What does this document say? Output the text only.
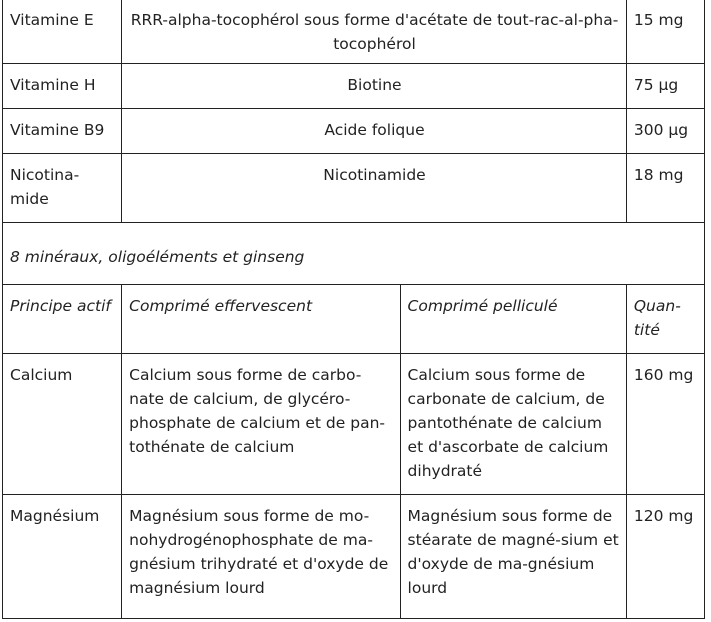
Vitamine E	RRR-alpha-tocophérol sous forme d'acétate de tout-rac-al-pha-tocophérol		15 mg
Vitamine H	Biotine		75 µg
Vitamine B9	Acide folique		300 µg
Nicotina-mide	Nicotinamide		18 mg
8 minéraux, oligoéléments et ginseng			
Principe actif	Comprimé effervescent	Comprimé pelliculé	Quan-tité
Calcium	Calcium sous forme de carbo-nate de calcium, de glycéro-phosphate de calcium et de pan-tothénate de calcium	Calcium sous forme de carbonate de calcium, de pantothénate de calcium et d'ascorbate de calcium dihydraté	160 mg
Magnésium	Magnésium sous forme de mo-nohydrogénophosphate de ma-gnésium trihydraté et d'oxyde de magnésium lourd	Magnésium sous forme de stéarate de magné-sium et d'oxyde de ma-gnésium lourd	120 mg
